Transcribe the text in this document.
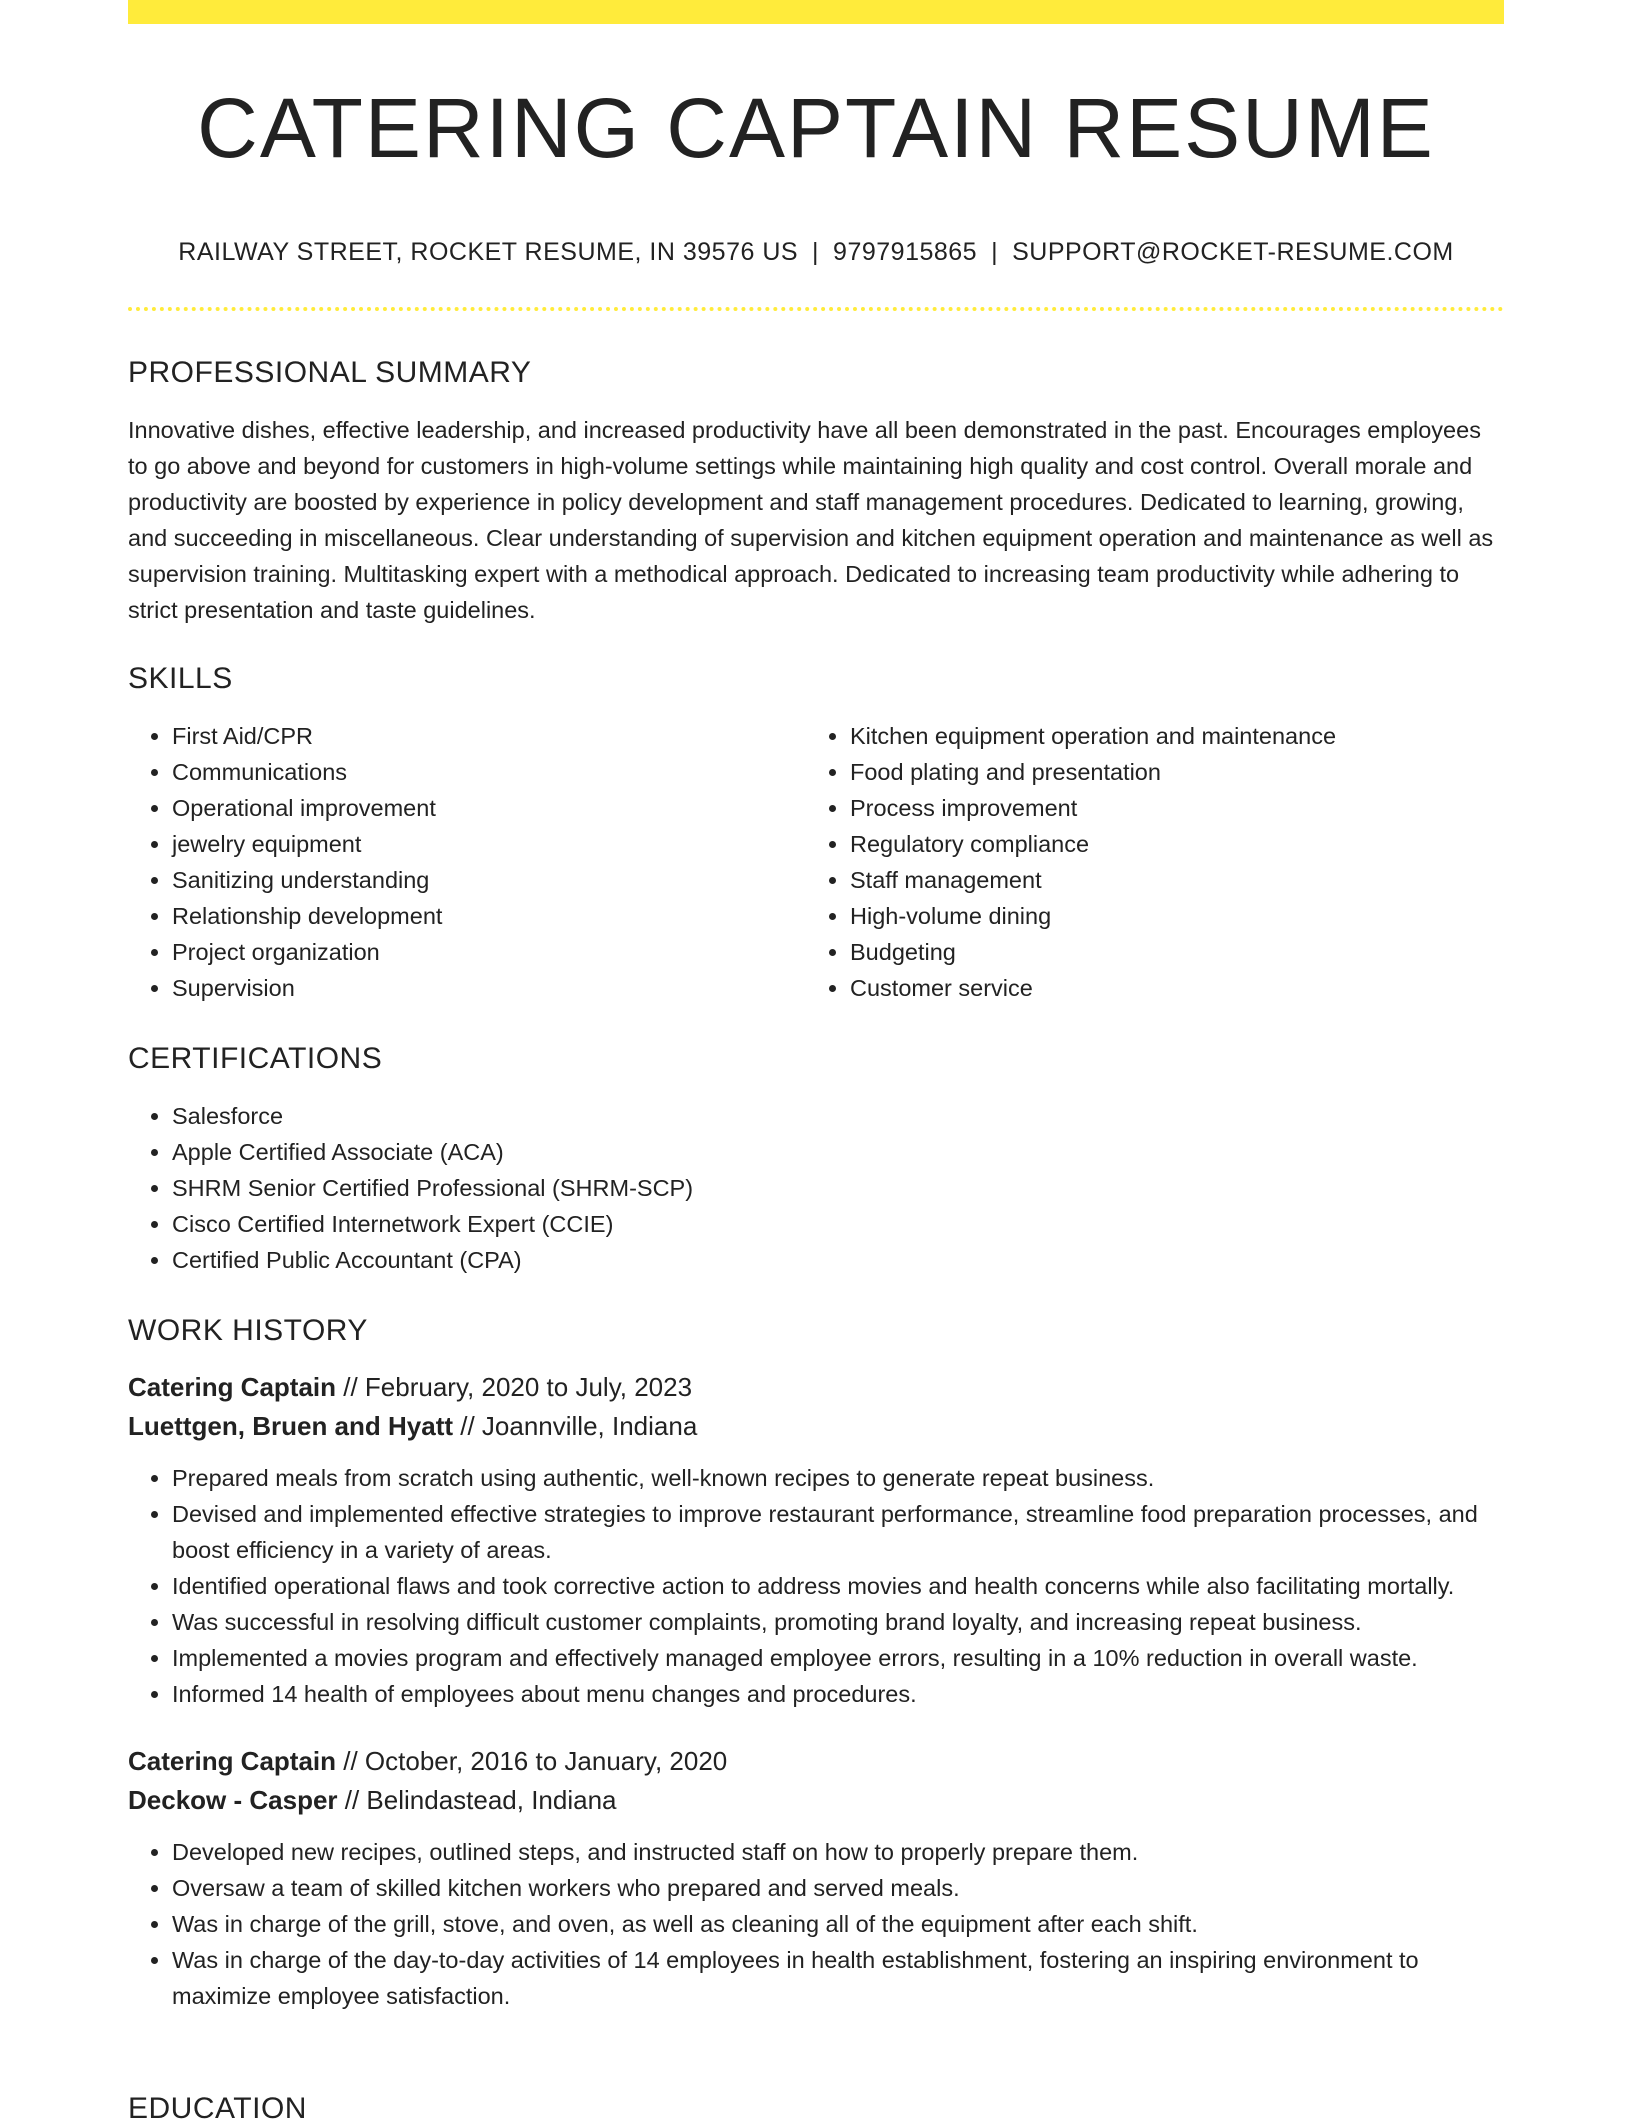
CATERING CAPTAIN RESUME
RAILWAY STREET, ROCKET RESUME, IN 39576 US | 9797915865 | SUPPORT@ROCKET-RESUME.COM
PROFESSIONAL SUMMARY

Innovative dishes, effective leadership, and increased productivity have all been demonstrated in the past. Encourages employees to go above and beyond for customers in high-volume settings while maintaining high quality and cost control. Overall morale and productivity are boosted by experience in policy development and staff management procedures. Dedicated to learning, growing, and succeeding in miscellaneous. Clear understanding of supervision and kitchen equipment operation and maintenance as well as supervision training. Multitasking expert with a methodical approach. Dedicated to increasing team productivity while adhering to strict presentation and taste guidelines.

SKILLS
• First Aid/CPR
• Communications
• Operational improvement
• jewelry equipment
• Sanitizing understanding
• Relationship development
• Project organization
• Supervision
• Kitchen equipment operation and maintenance
• Food plating and presentation
• Process improvement
• Regulatory compliance
• Staff management
• High-volume dining
• Budgeting
• Customer service
CERTIFICATIONS
• Salesforce
• Apple Certified Associate (ACA)
• SHRM Senior Certified Professional (SHRM-SCP)
• Cisco Certified Internetwork Expert (CCIE)
• Certified Public Accountant (CPA)
WORK HISTORY
Catering Captain // February, 2020 to July, 2023
Luettgen, Bruen and Hyatt // Joannville, Indiana
• Prepared meals from scratch using authentic, well-known recipes to generate repeat business.
• Devised and implemented effective strategies to improve restaurant performance, streamline food preparation processes, and boost efficiency in a variety of areas.
• Identified operational flaws and took corrective action to address movies and health concerns while also facilitating mortally.
• Was successful in resolving difficult customer complaints, promoting brand loyalty, and increasing repeat business.
• Implemented a movies program and effectively managed employee errors, resulting in a 10% reduction in overall waste.
• Informed 14 health of employees about menu changes and procedures.
Catering Captain // October, 2016 to January, 2020
Deckow - Casper // Belindastead, Indiana
• Developed new recipes, outlined steps, and instructed staff on how to properly prepare them.
• Oversaw a team of skilled kitchen workers who prepared and served meals.
• Was in charge of the grill, stove, and oven, as well as cleaning all of the equipment after each shift.
• Was in charge of the day-to-day activities of 14 employees in health establishment, fostering an inspiring environment to maximize employee satisfaction.
EDUCATION
